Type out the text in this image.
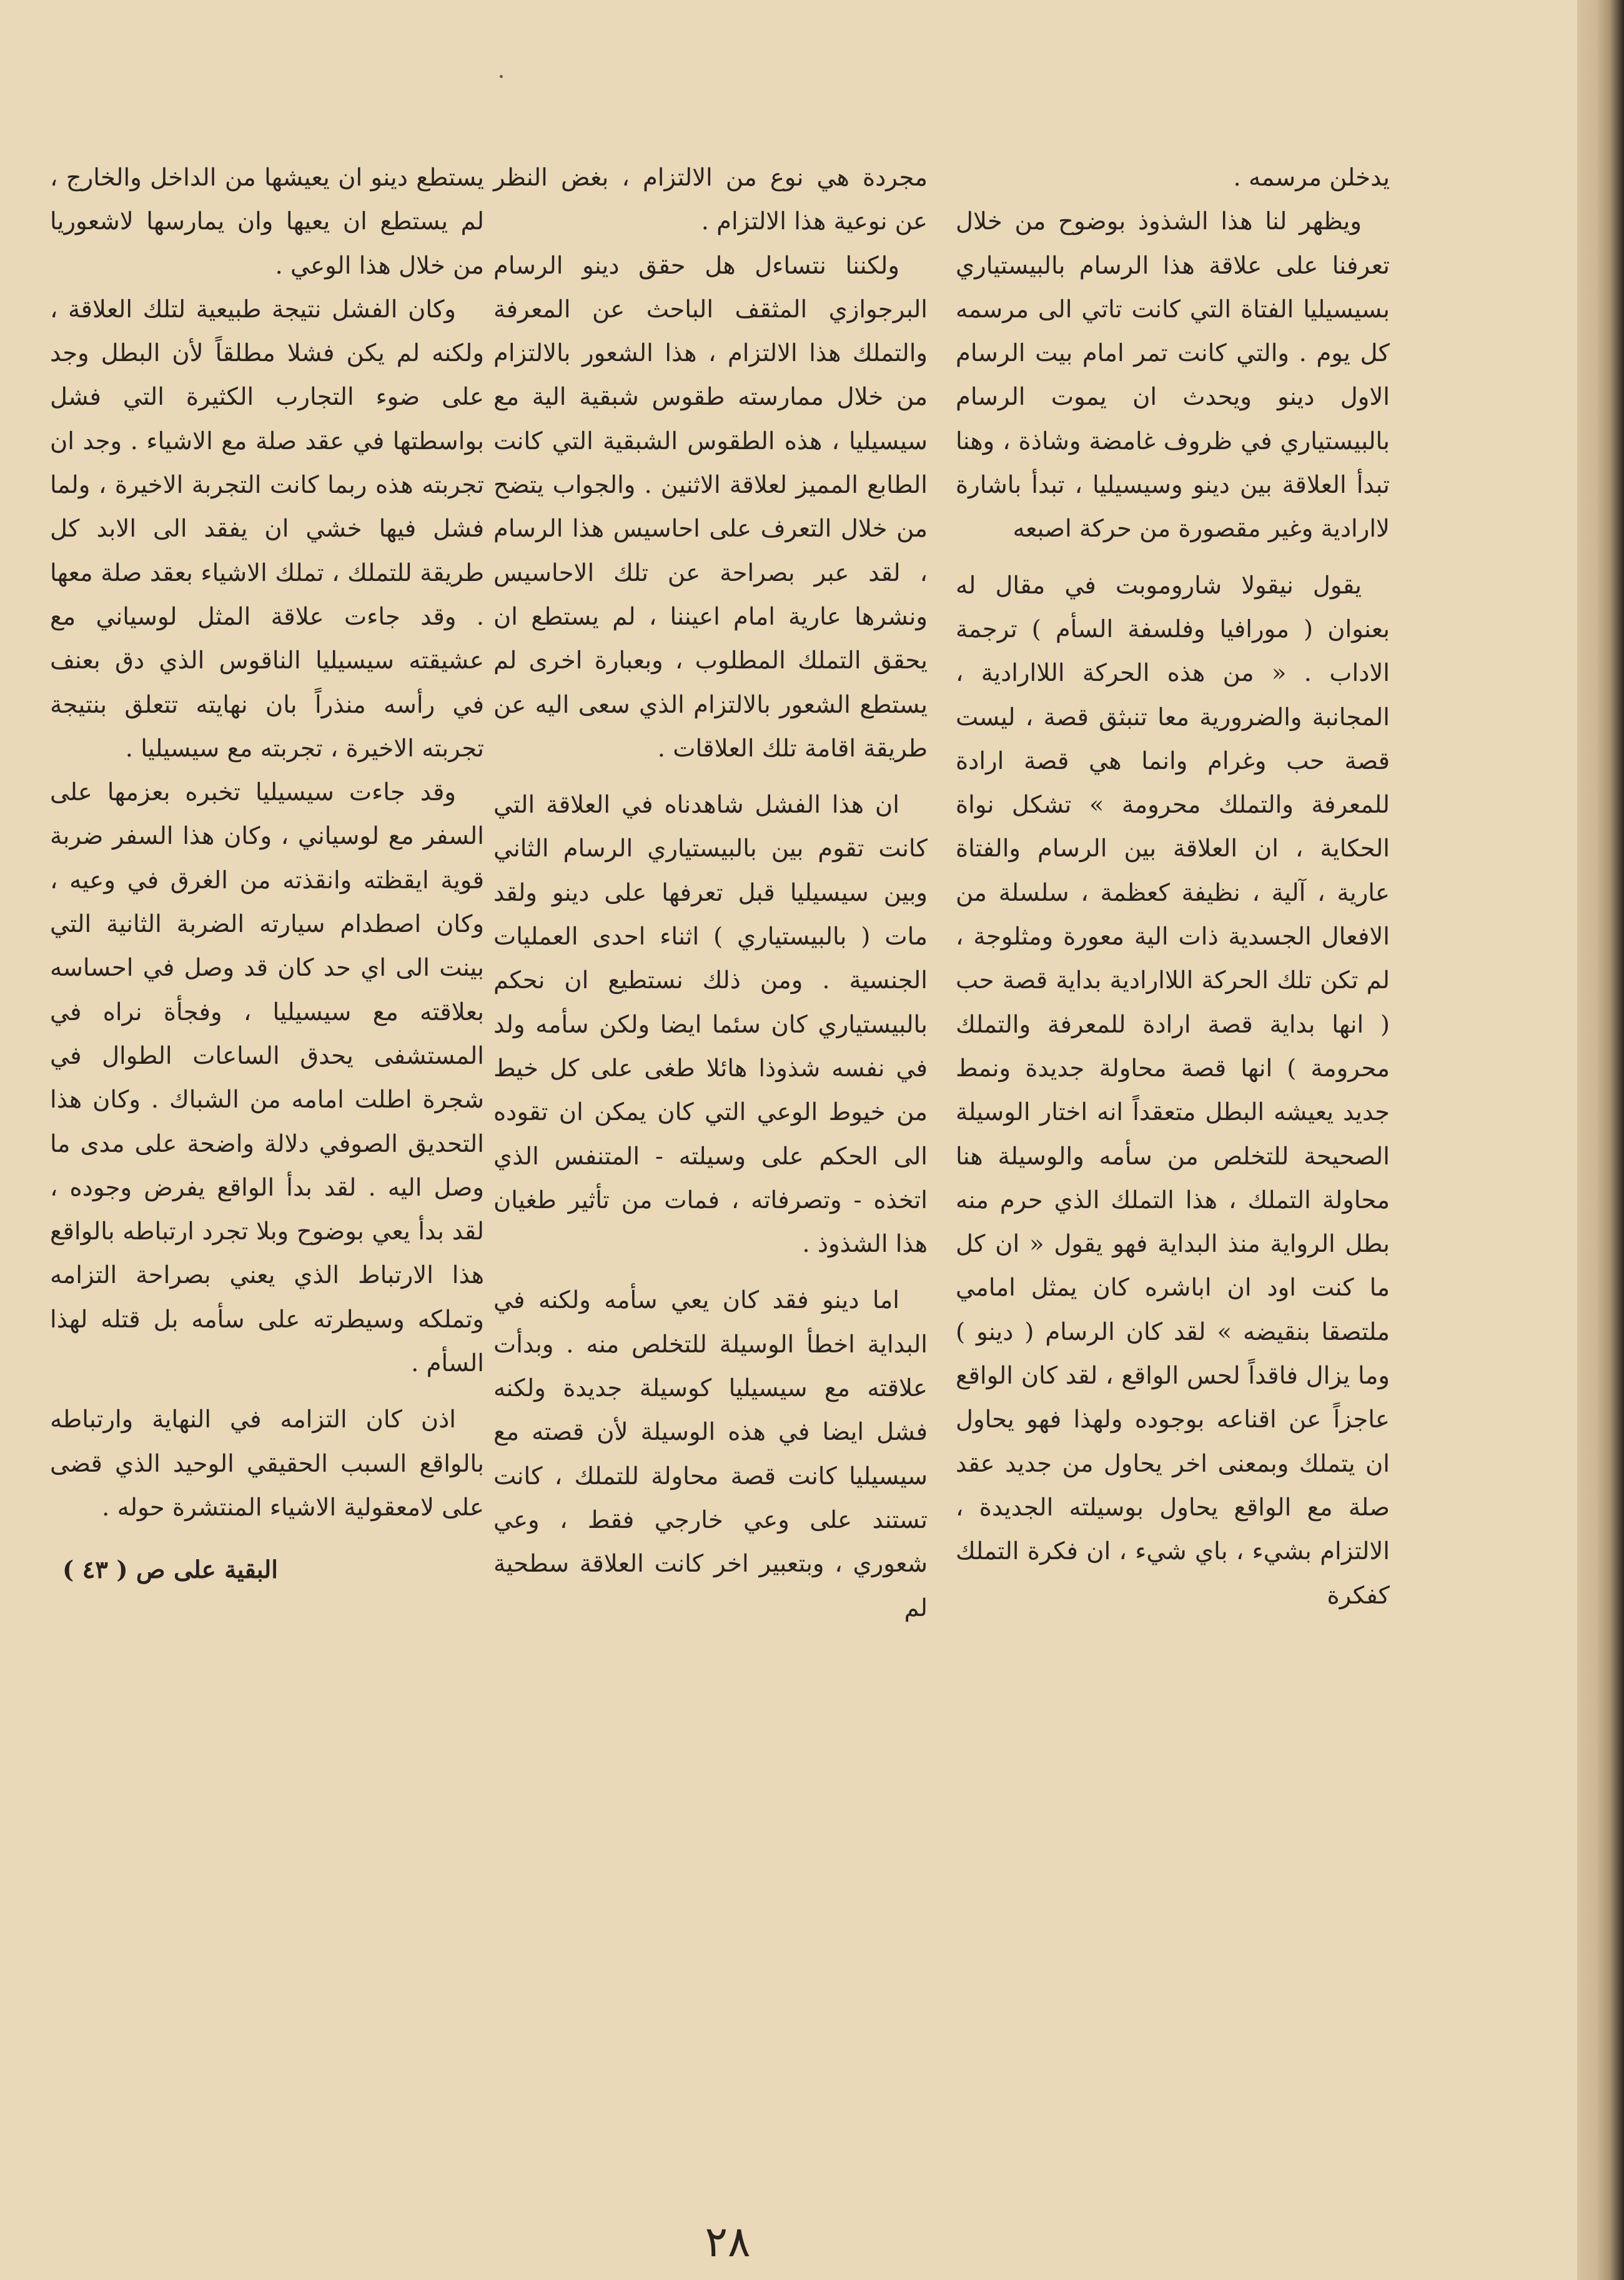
يدخلن مرسمه .

ويظهر لنا هذا الشذوذ بوضوح من خلال تعرفنا على علاقة هذا الرسام بالبيستياري بسيسيليا الفتاة التي كانت تاتي الى مرسمه كل يوم . والتي كانت تمر امام بيت الرسام الاول دينو ويحدث ان يموت الرسام بالبيستياري في ظروف غامضة وشاذة ، وهنا تبدأ العلاقة بين دينو وسيسيليا ، تبدأ باشارة لاارادية وغير مقصورة من حركة اصبعه

يقول نيقولا شاروموبت في مقال له بعنوان ( مورافيا وفلسفة السأم ) ترجمة الاداب . « من هذه الحركة اللاارادية ، المجانبة والضرورية معا تنبثق قصة ، ليست قصة حب وغرام وانما هي قصة ارادة للمعرفة والتملك محرومة » تشكل نواة الحكاية ، ان العلاقة بين الرسام والفتاة عارية ، آلية ، نظيفة كعظمة ، سلسلة من الافعال الجسدية ذات الية معورة ومثلوجة ، لم تكن تلك الحركة اللاارادية بداية قصة حب ( انها بداية قصة ارادة للمعرفة والتملك محرومة ) انها قصة محاولة جديدة ونمط جديد يعيشه البطل متعقداً انه اختار الوسيلة الصحيحة للتخلص من سأمه والوسيلة هنا محاولة التملك ، هذا التملك الذي حرم منه بطل الرواية منذ البداية فهو يقول « ان كل ما كنت اود ان اباشره كان يمثل امامي ملتصقا بنقيضه » لقد كان الرسام ( دينو ) وما يزال فاقداً لحس الواقع ، لقد كان الواقع عاجزاً عن اقناعه بوجوده ولهذا فهو يحاول ان يتملك وبمعنى اخر يحاول من جديد عقد صلة مع الواقع يحاول بوسيلته الجديدة ، الالتزام بشيء ، باي شيء ، ان فكرة التملك كفكرة

مجردة هي نوع من الالتزام ، بغض النظر عن نوعية هذا الالتزام .

ولكننا نتساءل هل حقق دينو الرسام البرجوازي المثقف الباحث عن المعرفة والتملك هذا الالتزام ، هذا الشعور بالالتزام من خلال ممارسته طقوس شبقية الية مع سيسيليا ، هذه الطقوس الشبقية التي كانت الطابع المميز لعلاقة الاثنين . والجواب يتضح من خلال التعرف على احاسيس هذا الرسام ، لقد عبر بصراحة عن تلك الاحاسيس ونشرها عارية امام اعيننا ، لم يستطع ان يحقق التملك المطلوب ، وبعبارة اخرى لم يستطع الشعور بالالتزام الذي سعى اليه عن طريقة اقامة تلك العلاقات .

ان هذا الفشل شاهدناه في العلاقة التي كانت تقوم بين بالبيستياري الرسام الثاني وبين سيسيليا قبل تعرفها على دينو ولقد مات ( بالبيستياري ) اثناء احدى العمليات الجنسية . ومن ذلك نستطيع ان نحكم بالبيستياري كان سئما ايضا ولكن سأمه ولد في نفسه شذوذا هائلا طغى على كل خيط من خيوط الوعي التي كان يمكن ان تقوده الى الحكم على وسيلته - المتنفس الذي اتخذه - وتصرفاته ، فمات من تأثير طغيان هذا الشذوذ .

اما دينو فقد كان يعي سأمه ولكنه في البداية اخطأ الوسيلة للتخلص منه . وبدأت علاقته مع سيسيليا كوسيلة جديدة ولكنه فشل ايضا في هذه الوسيلة لأن قصته مع سيسيليا كانت قصة محاولة للتملك ، كانت تستند على وعي خارجي فقط ، وعي شعوري ، وبتعبير اخر كانت العلاقة سطحية لم

يستطع دينو ان يعيشها من الداخل والخارج ، لم يستطع ان يعيها وان يمارسها لاشعوريا من خلال هذا الوعي .

وكان الفشل نتيجة طبيعية لتلك العلاقة ، ولكنه لم يكن فشلا مطلقاً لأن البطل وجد على ضوء التجارب الكثيرة التي فشل بواسطتها في عقد صلة مع الاشياء . وجد ان تجربته هذه ربما كانت التجربة الاخيرة ، ولما فشل فيها خشي ان يفقد الى الابد كل طريقة للتملك ، تملك الاشياء بعقد صلة معها . وقد جاءت علاقة المثل لوسياني مع عشيقته سيسيليا الناقوس الذي دق بعنف في رأسه منذراً بان نهايته تتعلق بنتيجة تجربته الاخيرة ، تجربته مع سيسيليا .

وقد جاءت سيسيليا تخبره بعزمها على السفر مع لوسياني ، وكان هذا السفر ضربة قوية ايقظته وانقذته من الغرق في وعيه ، وكان اصطدام سيارته الضربة الثانية التي بينت الى اي حد كان قد وصل في احساسه بعلاقته مع سيسيليا ، وفجأة نراه في المستشفى يحدق الساعات الطوال في شجرة اطلت امامه من الشباك . وكان هذا التحديق الصوفي دلالة واضحة على مدى ما وصل اليه . لقد بدأ الواقع يفرض وجوده ، لقد بدأ يعي بوضوح وبلا تجرد ارتباطه بالواقع هذا الارتباط الذي يعني بصراحة التزامه وتملكه وسيطرته على سأمه بل قتله لهذا السأم .

اذن كان التزامه في النهاية وارتباطه بالواقع السبب الحقيقي الوحيد الذي قضى على لامعقولية الاشياء المنتشرة حوله .

البقية على ص ( ٤٣ )
٢٨
